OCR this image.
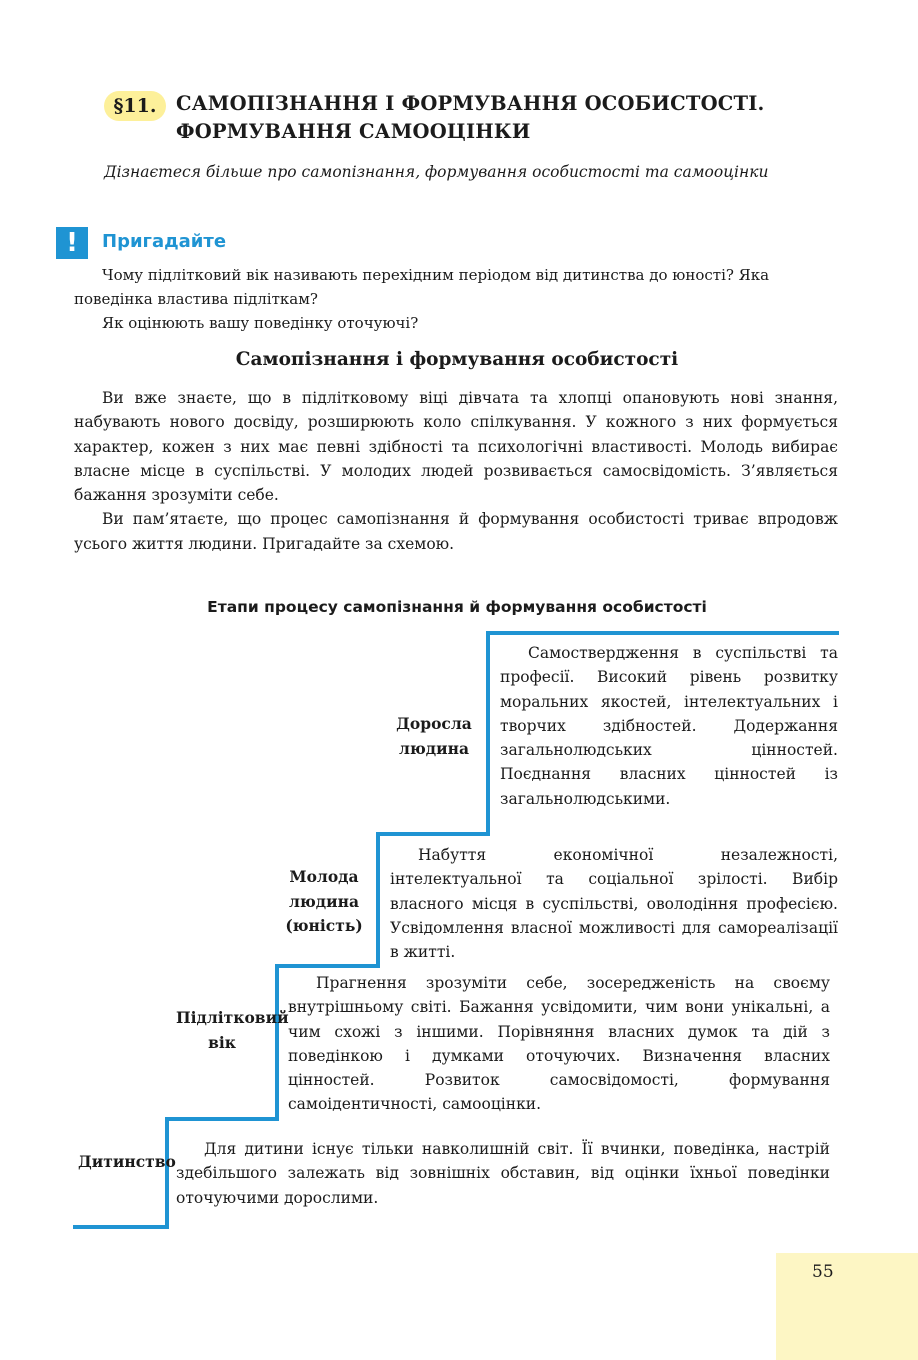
§11.	САМОПІЗНАННЯ І ФОРМУВАННЯ ОСОБИСТОСТІ. ФОРМУВАННЯ САМООЦІНКИ
Дізнаєтеся більше про самопізнання, формування особистості та самооцінки
!	Пригадайте

Чому підлітковий вік називають перехідним періодом від дитинства до юності? Яка поведінка властива підліткам?

Як оцінюють вашу поведінку оточуючі?

Самопізнання і формування особистості

Ви вже знаєте, що в підлітковому віці дівчата та хлопці опановують нові знання, набувають нового досвіду, розширюють коло спілкування. У кожного з них формується характер, кожен з них має певні здібності та психологічні властивості. Молодь вибирає власне місце в суспільстві. У молодих людей розвивається самосвідомість. З’являється бажання зрозуміти себе.

Ви пам’ятаєте, що процес самопізнання й формування особистості триває впродовж усього життя людини. Пригадайте за схемою.

Етапи процесу самопізнання й формування особистості
Дорослa людина
Самоствердження в суспільстві та професії. Високий рівень розвитку моральних якостей, інтелектуальних і творчих здібностей. Додержання загальнолюдських цінностей. Поєднання власних цінностей із загальнолюдськими.
Молода людина (юність)
Набуття економічної незалежності, інтелектуальної та соціальної зрілості. Вибір власного місця в суспільстві, оволодіння професією. Усвідомлення власної можливості для самореалізації в житті.
Підлітковий вік
Прагнення зрозуміти себе, зосередженість на своєму внутрішньому світі. Бажання усвідомити, чим вони унікальні, а чим схожі з іншими. Порівняння власних думок та дій з поведінкою і думками оточуючих. Визначення власних цінностей. Розвиток самосвідомості, формування самоідентичності, самооцінки.
Дитинство
Для дитини існує тільки навколишній світ. Її вчинки, поведінка, настрій здебільшого залежать від зовнішніх обставин, від оцінки їхньої поведінки оточуючими дорослими.
55
